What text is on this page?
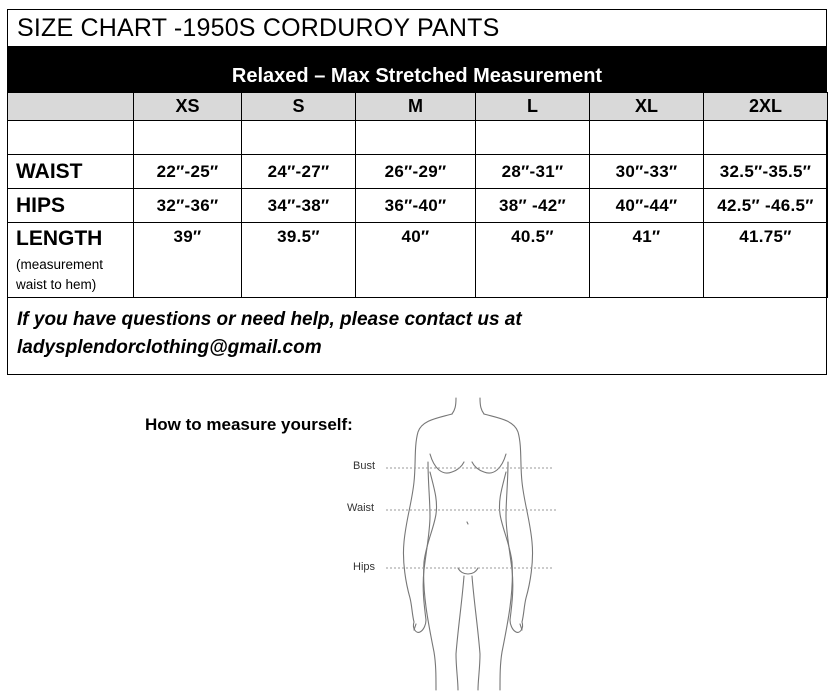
SIZE CHART -1950S CORDUROY PANTS
Relaxed – Max Stretched Measurement
	XS	S	M	L	XL	2XL

WAIST	22″-25″	24″-27″	26″-29″	28″-31″	30″-33″	32.5″-35.5″

HIPS	32″-36″	34″-38″	36″-40″	38″ -42″	40″-44″	42.5″ -46.5″

LENGTH
(measurement
waist to hem)	39″	39.5″	40″	40.5″	41″	41.75″
If you have questions or need help, please contact us at
ladysplendorclothing@gmail.com
How to measure yourself:
Bust
Waist
Hips
